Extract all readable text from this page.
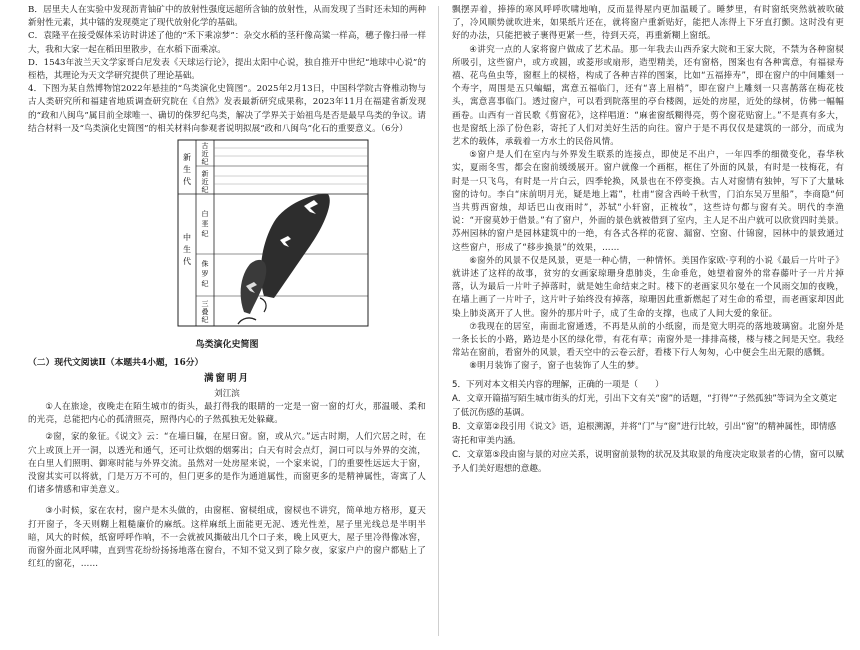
B．居里夫人在实验中发现沥青铀矿中的放射性强度远超所含铀的放射性，从而发现了当时还未知的两种新射性元素，其中镭的发现奠定了现代放射化学的基础。

C．袁隆平在接受媒体采访时讲述了他的“禾下乘凉梦”：杂交水稻的茎秆像高粱一样高，穗子像扫帚一样大，我和大家一起在稻田里散步，在水稻下面乘凉。

D．1543年波兰天文学家哥白尼发表《天球运行论》，提出太阳中心说，独自推开中世纪“地球中心说”的桎梏，其理论为天文学研究提供了理论基础。

4．下图为某自然博物馆2022年悬挂的“鸟类演化史简图”。2025年2月13日，中国科学院古脊椎动物与古人类研究所和福建省地质调查研究院在《自然》发表最新研究成果称，2023年11月在福建省新发现的“政和八闽鸟”属目前全球唯一、确切的侏罗纪鸟类，解决了学界关于始祖鸟是否是最早鸟类的争议。请结合材料一及“鸟类演化史简图”的相关材料向参观者说明拟展“政和八闽鸟”化石的重要意义。（6分）

新生代
中生代
古近纪
新近纪
白垩纪
侏罗纪
三叠纪

鸟类演化史简图

（二）现代文阅读Ⅱ（本题共4小题，16分）

满窗明月

刘江滨

①人在旅途，夜晚走在陌生城市的街头，最打得我的眼睛的一定是一窗一窗的灯火，那温暖、柔和的光亮，总能把内心的孤清照亮，照得内心的子然孤独无处躲藏。

②窗，家的象征。《说文》云：“在墙曰牖，在屋曰窗。窗，或从穴。”远古时期，人们穴居之时，在穴上或顶上开一洞，以透光和通气，还可让炊烟的烟雾出；白天有时会点灯，洞口可以与外界的交流，在白里人们照明、御寒时能与外界交流。虽然对一处房屋来说，一个家来说，门的重要性远远大于窗，没窗其实可以将就，门是万万不可的，但门更多的是作为通道属性，而窗更多的是精神属性，寄寓了人们诸多情感和审美意义。

③小时候，家在农村，窗户是木头做的，由窗框、窗棂组成，窗棂也不讲究，简单地方格形，夏天打开窗子，冬天则糊上粗糙廉价的麻纸。这样麻纸上面能更无泥、透光性差，屋子里光线总是半明半暗，风大的时候，纸窗呼呼作响，不一会就被风撕破出几个口子来，晚上风更大，屋子里冷得像冰窖，而窗外面北风呼啸，直到雪花纷纷扬扬地落在窗台，不知不觉又到了除夕夜，家家户户的窗户都贴上了红红的窗花，……

飘摆弄着，捧捧的寒风呼呼吹啸地响，反而显得屋内更加温暖了。睡梦里，有时窗纸突然就被吹破了，冷风顺势就吹进来，如果纸片还在，就将窗户重新贴好，能把人冻得上下牙直打颤。这时没有更好的办法，只能把被子裹得更紧一些，待到天亮，再重新糊上窗纸。

④讲究一点的人家将窗户做成了艺术品。那一年我去山西乔家大院和王家大院，不禁为各种窗棂所吸引，这些窗户，或方或圆，或菱形或扇形，造型精美，还有窗格，图案也有各种寓意，有福禄寿禧、花鸟鱼虫等，窗框上的棂格，构成了各种吉祥的图案，比如“五福捧寿”，即在窗户的中间雕刻一个寿字，周围是五只蝙蝠，寓意五福临门，还有“喜上眉梢”，即在窗户上雕刻一只喜鹊落在梅花枝头，寓意喜事临门。透过窗户，可以看到院落里的亭台楼阁，远处的房屋，近处的绿树，仿佛一幅幅画卷。山西有一首民歌《剪窗花》，这样唱道：“麻雀窗纸糊得亮，剪个窗花贴窗上。”不是真有多大，也是窗纸上添了份色彩，寄托了人们对美好生活的向往。窗户于是不再仅仅是建筑的一部分，而成为艺术的载体，承载着一方水土的民俗风情。

⑤窗户是人们在室内与外界发生联系的连接点，即使足不出户，一年四季的细微变化，春华秋实，夏雨冬雪，都会在窗前缓缓展开。窗户就像一个画框，框住了外面的风景，有时是一枝梅花，有时是一只飞鸟，有时是一片白云，四季轮换，风景也在不停变换。古人对窗情有独钟，写下了大量咏窗的诗句。李白“床前明月光，疑是地上霜”，杜甫“窗含西岭千秋雪，门泊东吴万里船”，李商隐“何当共剪西窗烛，却话巴山夜雨时”，苏轼“小轩窗，正梳妆”，这些诗句都与窗有关。明代的李渔说：“开窗莫妙于借景。”有了窗户，外面的景色就被借到了室内，主人足不出户就可以欣赏四时美景。苏州园林的窗户是园林建筑中的一绝，有各式各样的花窗、漏窗、空窗、什锦窗，园林中的景致通过这些窗户，形成了“移步换景”的效果，……

⑥窗外的风景不仅是风景，更是一种心情，一种情怀。美国作家欧·亨利的小说《最后一片叶子》就讲述了这样的故事，贫穷的女画家琼珊身患肺炎，生命垂危，她望着窗外的常春藤叶子一片片掉落，认为最后一片叶子掉落时，就是她生命结束之时。楼下的老画家贝尔曼在一个风雨交加的夜晚，在墙上画了一片叶子，这片叶子始终没有掉落，琼珊因此重新燃起了对生命的希望，而老画家却因此染上肺炎离开了人世。窗外的那片叶子，成了生命的支撑，也成了人间大爱的象征。

⑦我现在的居室，南面北窗通透，不再是从前的小纸窗，而是宽大明亮的落地玻璃窗。北窗外是一条长长的小路，路边是小区的绿化带，有花有草；南窗外是一排排高楼，楼与楼之间是天空。我经常站在窗前，看窗外的风景，看天空中的云卷云舒，看楼下行人匆匆，心中便会生出无限的感慨。

⑧明月装饰了窗子，窗子也装饰了人生的梦。

5．下列对本文相关内容的理解，正确的一项是（　　）

A．文章开篇描写陌生城市街头的灯光，引出下文有关“窗”的话题，“打得”“子然孤独”等词为全文奠定了低沉伤感的基调。

B．文章第②段引用《说文》语，追根溯源，并将“门”与“窗”进行比较，引出“窗”的精神属性，即情感寄托和审美内涵。

C．文章第⑤段由窗与景的对应关系，说明窗前景物的状况及其取景的角度决定取景者的心情，窗可以赋予人们美好遐想的意趣。
